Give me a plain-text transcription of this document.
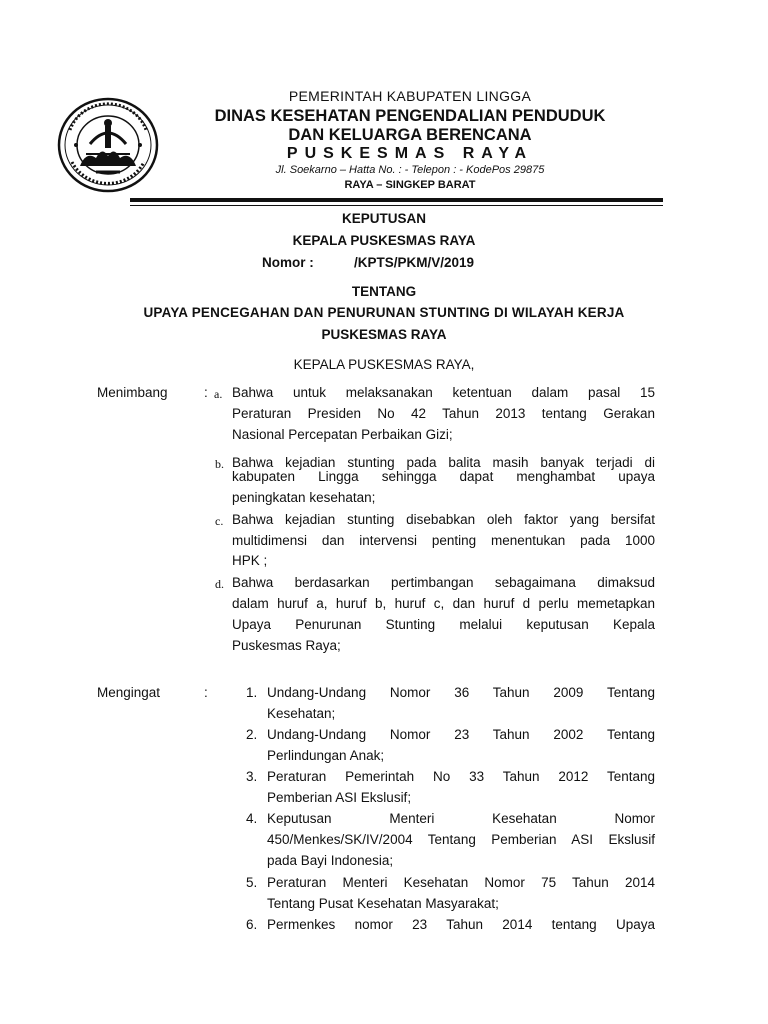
PEMERINTAH KABUPATEN LINGGA
DINAS KESEHATAN PENGENDALIAN PENDUDUK
DAN KELUARGA BERENCANA
PUSKESMAS RAYA
Jl. Soekarno – Hatta No. : - Telepon : - KodePos 29875
RAYA – SINGKEP BARAT
KEPUTUSAN
KEPALA PUSKESMAS RAYA
Nomor :	/KPTS/PKM/V/2019
TENTANG
UPAYA PENCEGAHAN DAN PENURUNAN STUNTING DI WILAYAH KERJA
PUSKESMAS RAYA
KEPALA PUSKESMAS RAYA,
Menimbang	: a. Bahwa untuk melaksanakan ketentuan dalam pasal 15
Peraturan Presiden No 42 Tahun 2013 tentang Gerakan
Nasional Percepatan Perbaikan Gizi;
b. Bahwa kejadian stunting pada balita masih banyak terjadi di
kabupaten Lingga sehingga dapat menghambat upaya
peningkatan kesehatan;
c. Bahwa kejadian stunting disebabkan oleh faktor yang bersifat
multidimensi dan intervensi penting menentukan pada 1000
HPK ;
d. Bahwa berdasarkan pertimbangan sebagaimana dimaksud
dalam huruf a, huruf b, huruf c, dan huruf d perlu memetapkan
Upaya Penurunan Stunting melalui keputusan Kepala
Puskesmas Raya;
Mengingat	:	1. Undang-Undang Nomor 36 Tahun 2009 Tentang
Kesehatan;
2. Undang-Undang Nomor 23 Tahun 2002 Tentang
Perlindungan Anak;
3. Peraturan Pemerintah No 33 Tahun 2012 Tentang
Pemberian ASI Ekslusif;
4. Keputusan Menteri Kesehatan Nomor
450/Menkes/SK/IV/2004 Tentang Pemberian ASI Ekslusif
pada Bayi Indonesia;
5. Peraturan Menteri Kesehatan Nomor 75 Tahun 2014
Tentang Pusat Kesehatan Masyarakat;
6. Permenkes nomor 23 Tahun 2014 tentang Upaya
